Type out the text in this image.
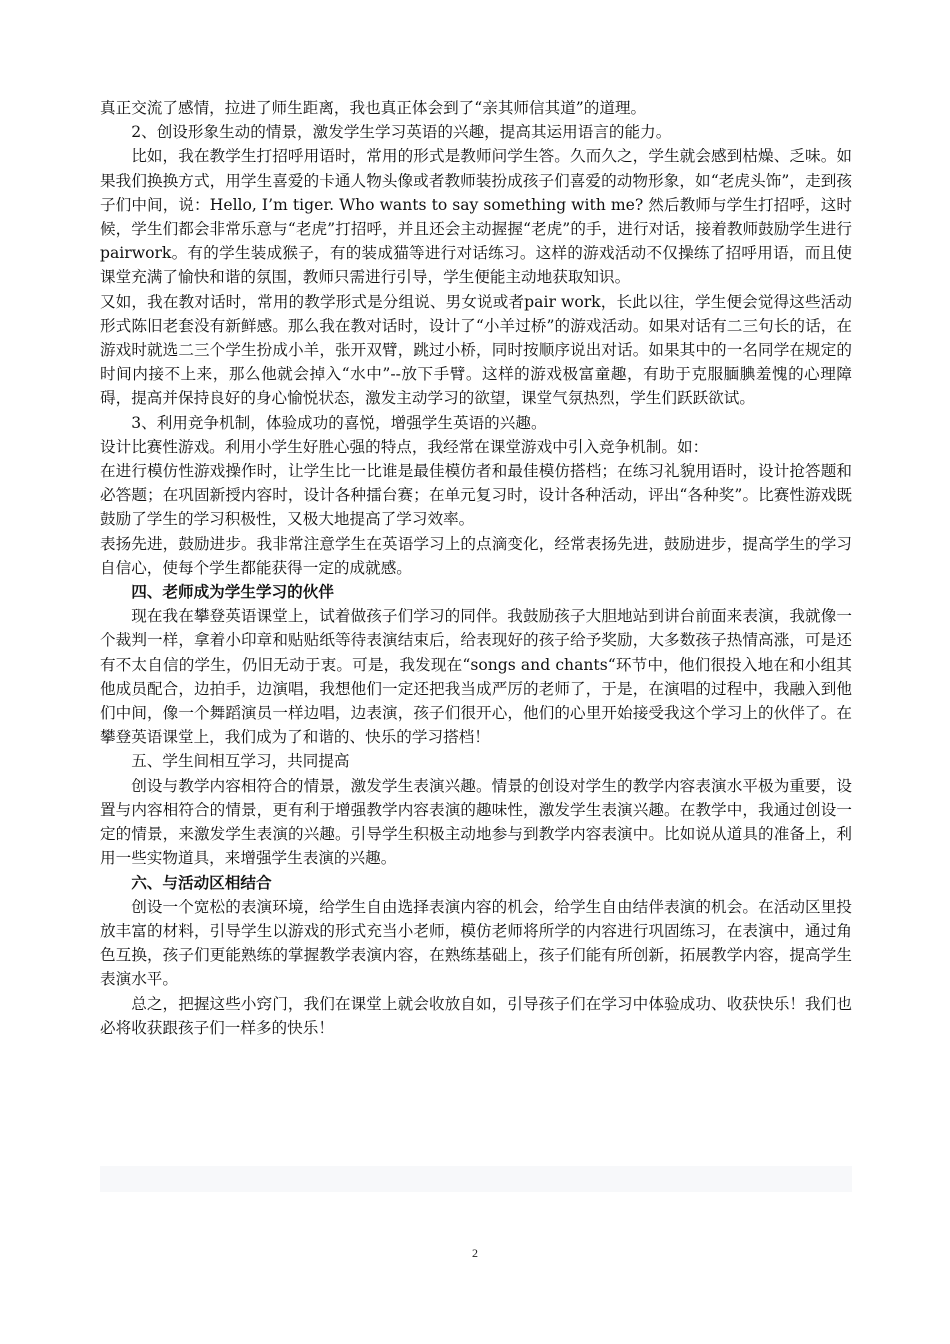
真正交流了感情，拉进了师生距离，我也真正体会到了“亲其师信其道”的道理。

2、创设形象生动的情景，激发学生学习英语的兴趣，提高其运用语言的能力。

比如，我在教学生打招呼用语时，常用的形式是教师问学生答。久而久之，学生就会感到枯燥、乏味。如果我们换换方式，用学生喜爱的卡通人物头像或者教师装扮成孩子们喜爱的动物形象，如“老虎头饰”，走到孩子们中间，说：Hello, I’m tiger. Who wants to say something with me? 然后教师与学生打招呼，这时候，学生们都会非常乐意与“老虎”打招呼，并且还会主动握握“老虎”的手，进行对话，接着教师鼓励学生进行pairwork。有的学生装成猴子，有的装成猫等进行对话练习。这样的游戏活动不仅操练了招呼用语，而且使课堂充满了愉快和谐的氛围，教师只需进行引导，学生便能主动地获取知识。

又如，我在教对话时，常用的教学形式是分组说、男女说或者pair work，长此以往，学生便会觉得这些活动形式陈旧老套没有新鲜感。那么我在教对话时，设计了“小羊过桥”的游戏活动。如果对话有二三句长的话，在游戏时就选二三个学生扮成小羊，张开双臂，跳过小桥，同时按顺序说出对话。如果其中的一名同学在规定的时间内接不上来，那么他就会掉入“水中”--放下手臂。这样的游戏极富童趣，有助于克服腼腆羞愧的心理障碍，提高并保持良好的身心愉悦状态，激发主动学习的欲望，课堂气氛热烈，学生们跃跃欲试。

3、利用竞争机制，体验成功的喜悦，增强学生英语的兴趣。

设计比赛性游戏。利用小学生好胜心强的特点，我经常在课堂游戏中引入竞争机制。如：

在进行模仿性游戏操作时，让学生比一比谁是最佳模仿者和最佳模仿搭档；在练习礼貌用语时，设计抢答题和必答题；在巩固新授内容时，设计各种擂台赛；在单元复习时，设计各种活动，评出“各种奖”。比赛性游戏既鼓励了学生的学习积极性，又极大地提高了学习效率。

表扬先进，鼓励进步。我非常注意学生在英语学习上的点滴变化，经常表扬先进，鼓励进步，提高学生的学习自信心，使每个学生都能获得一定的成就感。

四、老师成为学生学习的伙伴

现在我在攀登英语课堂上，试着做孩子们学习的同伴。我鼓励孩子大胆地站到讲台前面来表演，我就像一个裁判一样，拿着小印章和贴贴纸等待表演结束后，给表现好的孩子给予奖励，大多数孩子热情高涨，可是还有不太自信的学生，仍旧无动于衷。可是，我发现在“songs and chants“环节中，他们很投入地在和小组其他成员配合，边拍手，边演唱，我想他们一定还把我当成严厉的老师了，于是，在演唱的过程中，我融入到他们中间，像一个舞蹈演员一样边唱，边表演，孩子们很开心，他们的心里开始接受我这个学习上的伙伴了。在攀登英语课堂上，我们成为了和谐的、快乐的学习搭档！

五、学生间相互学习，共同提高

创设与教学内容相符合的情景，激发学生表演兴趣。情景的创设对学生的教学内容表演水平极为重要，设置与内容相符合的情景，更有利于增强教学内容表演的趣味性，激发学生表演兴趣。在教学中，我通过创设一定的情景，来激发学生表演的兴趣。引导学生积极主动地参与到教学内容表演中。比如说从道具的准备上，利用一些实物道具，来增强学生表演的兴趣。

六、与活动区相结合

创设一个宽松的表演环境，给学生自由选择表演内容的机会，给学生自由结伴表演的机会。在活动区里投放丰富的材料，引导学生以游戏的形式充当小老师，模仿老师将所学的内容进行巩固练习，在表演中，通过角色互换，孩子们更能熟练的掌握教学表演内容，在熟练基础上，孩子们能有所创新，拓展教学内容，提高学生表演水平。

总之，把握这些小窍门，我们在课堂上就会收放自如，引导孩子们在学习中体验成功、收获快乐！我们也必将收获跟孩子们一样多的快乐！

2
